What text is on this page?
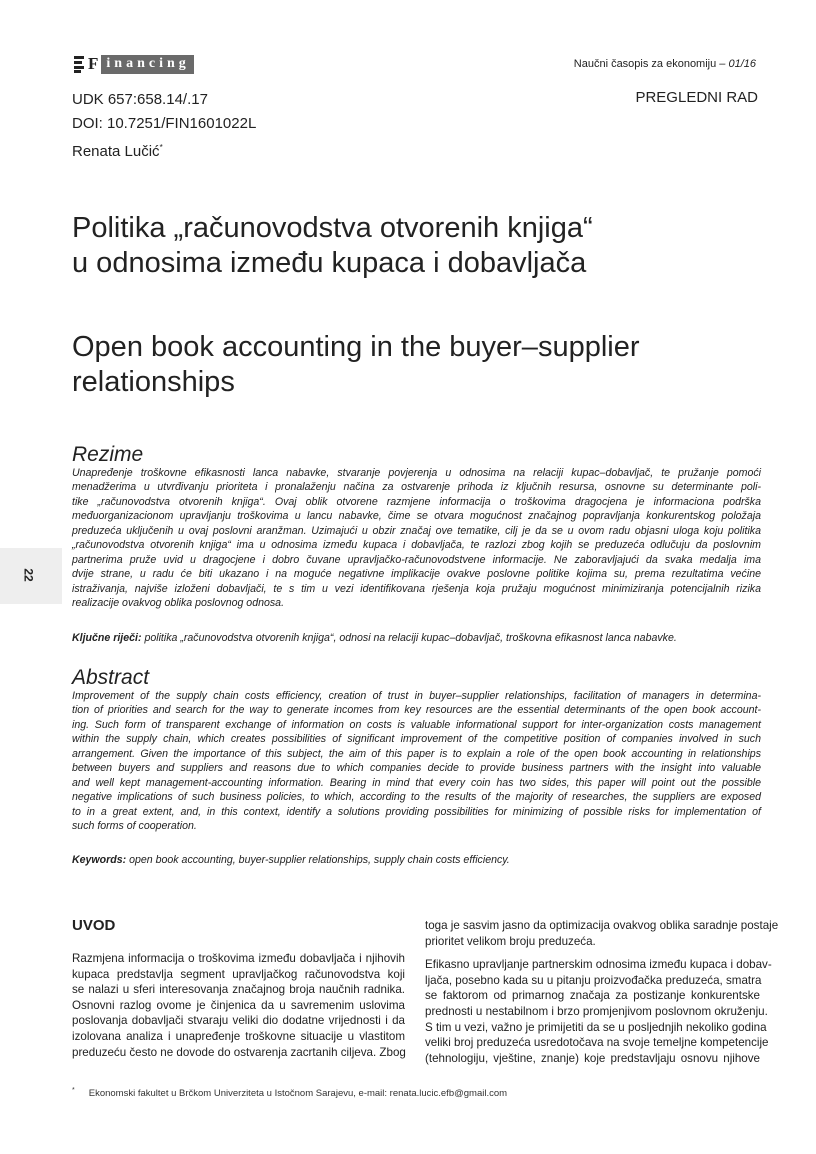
F inancing	Naučni časopis za ekonomiju – 01/16
UDK 657:658.14/.17
DOI: 10.7251/FIN1601022L
Renata Lučić*
PREGLEDNI RAD
Politika „računovodstva otvorenih knjiga“
u odnosima između kupaca i dobavljača
Open book accounting in the buyer–supplier
relationships
22
Rezime
Unapređenje troškovne efikasnosti lanca nabavke, stvaranje povjerenja u odnosima na relaciji kupac–dobavljač, te pružanje pomoći
menadžerima u utvrđivanju prioriteta i pronalaženju načina za ostvarenje prihoda iz ključnih resursa, osnovne su determinante poli-
tike „računovodstva otvorenih knjiga“. Ovaj oblik otvorene razmjene informacija o troškovima dragocjena je informaciona podrška
međuorganizacionom upravljanju troškovima u lancu nabavke, čime se otvara mogućnost značajnog popravljanja konkurentskog položaja
preduzeća uključenih u ovaj poslovni aranžman. Uzimajući u obzir značaj ove tematike, cilj je da se u ovom radu objasni uloga koju politika
„računovodstva otvorenih knjiga“ ima u odnosima između kupaca i dobavljača, te razlozi zbog kojih se preduzeća odlučuju da poslovnim
partnerima pruže uvid u dragocjene i dobro čuvane upravljačko-računovodstvene informacije. Ne zaboravljajući da svaka medalja ima
dvije strane, u radu će biti ukazano i na moguće negativne implikacije ovakve poslovne politike kojima su, prema rezultatima većine
istraživanja, najviše izloženi dobavljači, te s tim u vezi identifikovana rješenja koja pružaju mogućnost minimiziranja potencijalnih rizika
realizacije ovakvog oblika poslovnog odnosa.
Ključne riječi: politika „računovodstva otvorenih knjiga“, odnosi na relaciji kupac–dobavljač, troškovna efikasnost lanca nabavke.
Abstract
Improvement of the supply chain costs efficiency, creation of trust in buyer–supplier relationships, facilitation of managers in determina-
tion of priorities and search for the way to generate incomes from key resources are the essential determinants of the open book account-
ing. Such form of transparent exchange of information on costs is valuable informational support for inter-organization costs management
within the supply chain, which creates possibilities of significant improvement of the competitive position of companies involved in such
arrangement. Given the importance of this subject, the aim of this paper is to explain a role of the open book accounting in relationships
between buyers and suppliers and reasons due to which companies decide to provide business partners with the insight into valuable
and well kept management-accounting information. Bearing in mind that every coin has two sides, this paper will point out the possible
negative implications of such business policies, to which, according to the results of the majority of researches, the suppliers are exposed
to in a great extent, and, in this context, identify a solutions providing possibilities for minimizing of possible risks for implementation of
such forms of cooperation.
Keywords: open book accounting, buyer-supplier relationships, supply chain costs efficiency.
UVOD
Razmjena informacija o troškovima između dobavljača i njihovih
kupaca predstavlja segment upravljačkog računovodstva koji
se nalazi u sferi interesovanja značajnog broja naučnih radnika.
Osnovni razlog ovome je činjenica da u savremenim uslovima
poslovanja dobavljači stvaraju veliki dio dodatne vrijednosti i da
izolovana analiza i unapređenje troškovne situacije u vlastitom
preduzeću često ne dovode do ostvarenja zacrtanih ciljeva. Zbog
toga je sasvim jasno da optimizacija ovakvog oblika saradnje postaje
prioritet velikom broju preduzeća.
Efikasno upravljanje partnerskim odnosima između kupaca i dobav-
ljača, posebno kada su u pitanju proizvođačka preduzeća, smatra
se faktorom od primarnog značaja za postizanje konkurentske
prednosti u nestabilnom i brzo promjenjivom poslovnom okruženju.
S tim u vezi, važno je primijetiti da se u posljednjih nekoliko godina
veliki broj preduzeća usredotočava na svoje temeljne kompetencije
(tehnologiju, vještine, znanje) koje predstavljaju osnovu njihove
* Ekonomski fakultet u Brčkom Univerziteta u Istočnom Sarajevu, e-mail: renata.lucic.efb@gmail.com
